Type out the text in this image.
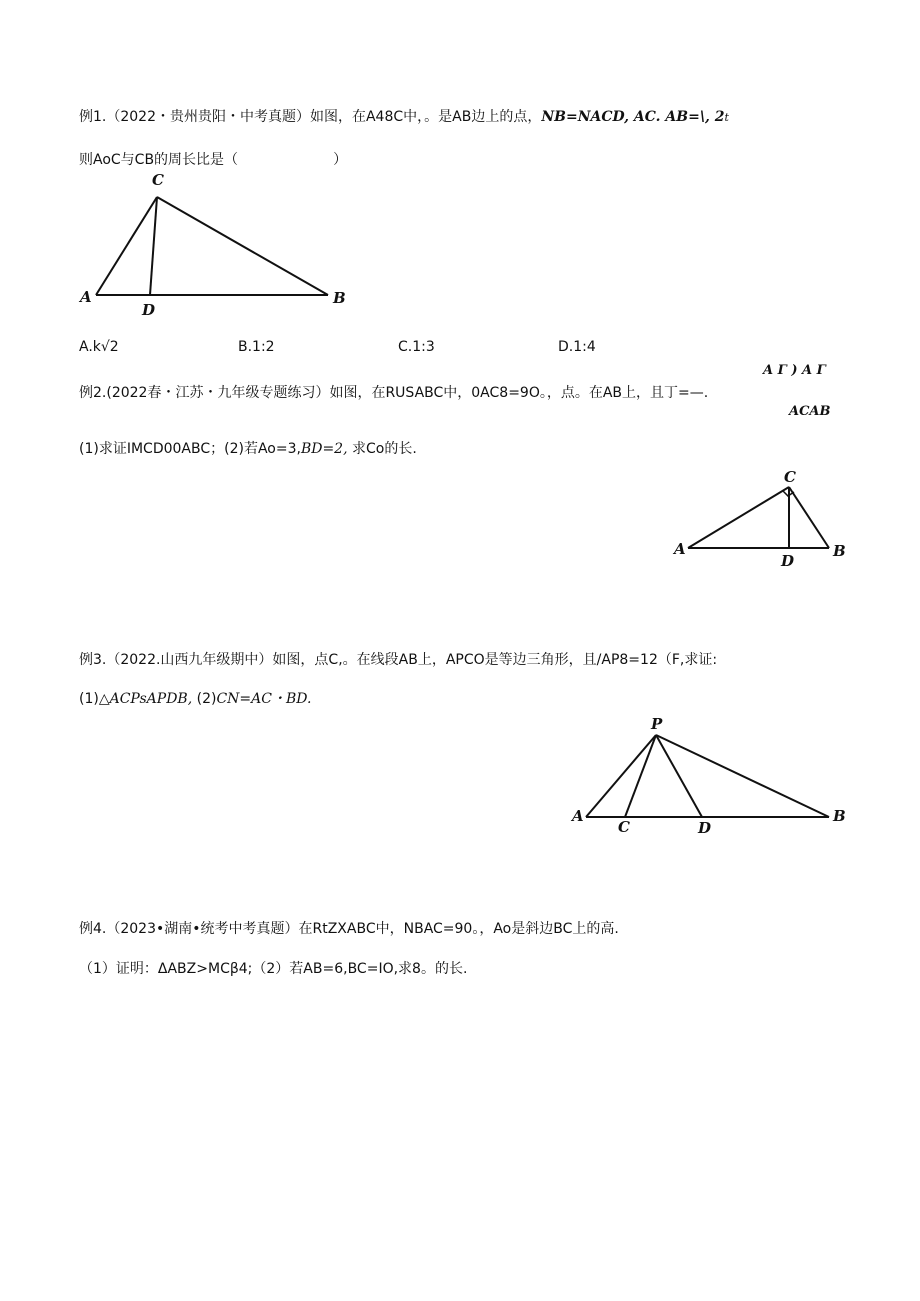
例1.（2022・贵州贵阳・中考真题）如图，在A48C中，。是AB边上的点，NB=NACD, AC. AB=\, 2t
则AoC与CB的周长比是（	）
C
A
D
B
A.k√2	B.1:2	C.1:3	D.1:4
A Γ ) A Γ
例2.(2022春・江苏・九年级专题练习）如图，在RUSABC中，0AC8=9O。，点。在AB上，且丁=—.
ACAB
(1)求证IMCD00ABC；(2)若Ao=3,BD=2, 求Co的长.
C
A
D
B
例3.（2022.山西九年级期中）如图，点C,。在线段AB上，APCO是等边三角形，且/AP8=12（F,求证:
(1)△ACPsAPDB, (2)CN=AC・BD.
P
A
C	D
B
例4.（2023•湖南•统考中考真题）在RtZXABC中，NBAC=90。，Ao是斜边BC上的高.
（1）证明：ΔABZ>MCβ4;（2）若AB=6,BC=IO,求8。的长.
